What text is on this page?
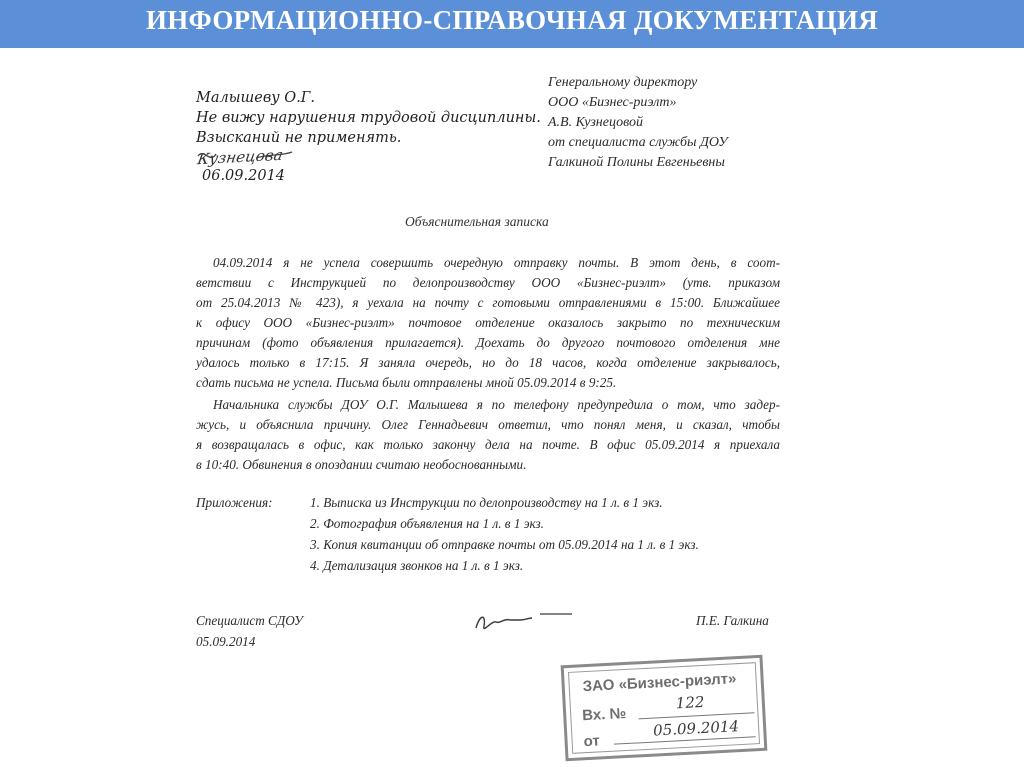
ИНФОРМАЦИОННО-СПРАВОЧНАЯ ДОКУМЕНТАЦИЯ
Малышеву О.Г.
Не вижу нарушения трудовой дисциплины.
Взысканий не применять.
Кузнецова
06.09.2014
Генеральному директору
ООО «Бизнес-риэлт»
А.В. Кузнецовой
от специалиста службы ДОУ
Галкиной Полины Евгеньевны
Объяснительная записка
04.09.2014 я не успела совершить очередную отправку почты. В этот день, в соот-
ветствии с Инструкцией по делопроизводству ООО «Бизнес-риэлт» (утв. приказом
от 25.04.2013 № 423), я уехала на почту с готовыми отправлениями в 15:00. Ближайшее
к офису ООО «Бизнес-риэлт» почтовое отделение оказалось закрыто по техническим
причинам (фото объявления прилагается). Доехать до другого почтового отделения мне
удалось только в 17:15. Я заняла очередь, но до 18 часов, когда отделение закрывалось,
сдать письма не успела. Письма были отправлены мной 05.09.2014 в 9:25.
Начальника службы ДОУ О.Г. Малышева я по телефону предупредила о том, что задер-
жусь, и объяснила причину. Олег Геннадьевич ответил, что понял меня, и сказал, чтобы
я возвращалась в офис, как только закончу дела на почте. В офис 05.09.2014 я приехала
в 10:40. Обвинения в опоздании считаю необоснованными.
Приложения:	1. Выписка из Инструкции по делопроизводству на 1 л. в 1 экз.
2. Фотография объявления на 1 л. в 1 экз.
3. Копия квитанции об отправке почты от 05.09.2014 на 1 л. в 1 экз.
4. Детализация звонков на 1 л. в 1 экз.
Специалист СДОУ
05.09.2014
П.Е. Галкина
ЗАО «Бизнес-риэлт»
Вх. №
122
от
05.09.2014
